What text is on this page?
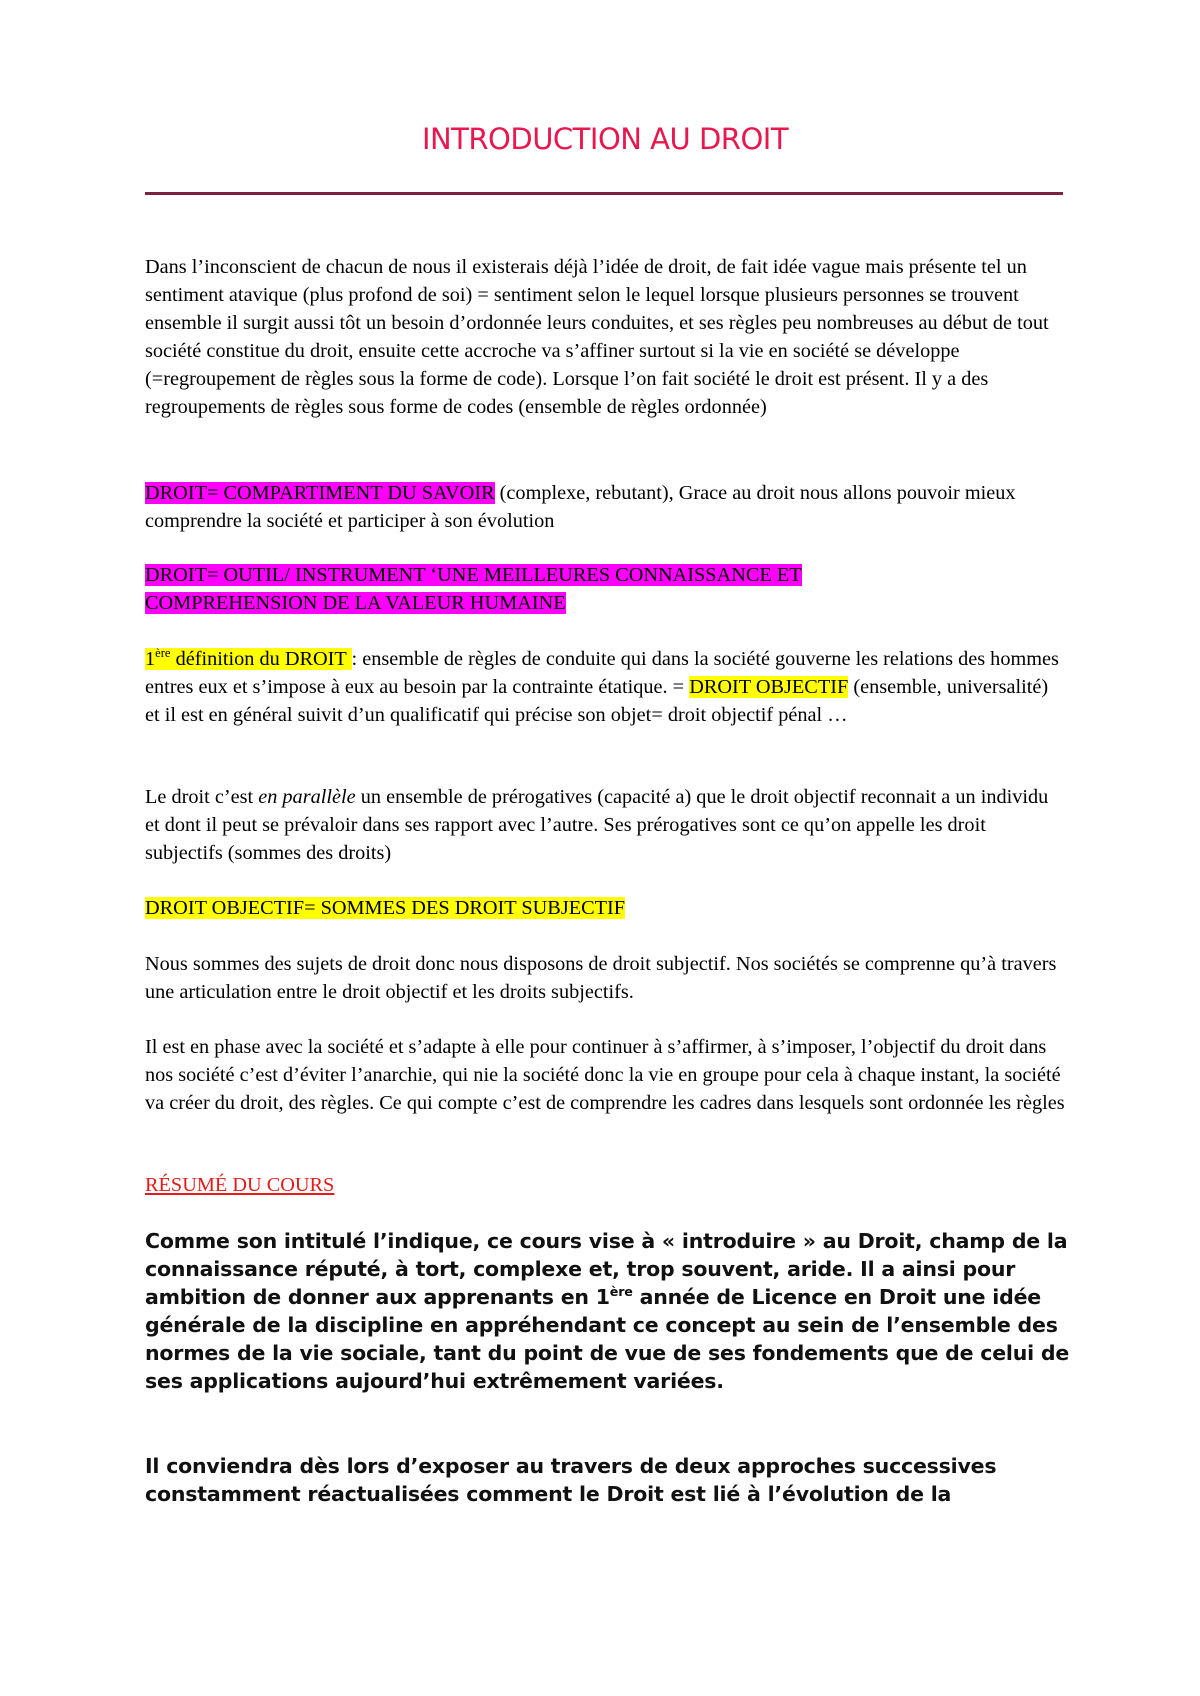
INTRODUCTION AU DROIT

Dans l’inconscient de chacun de nous il existerais déjà l’idée de droit, de fait idée vague mais présente tel un sentiment atavique (plus profond de soi) = sentiment selon le lequel lorsque plusieurs personnes se trouvent ensemble il surgit aussi tôt un besoin d’ordonnée leurs conduites, et ses règles peu nombreuses au début de tout société constitue du droit, ensuite cette accroche va s’affiner surtout si la vie en société se développe (=regroupement de règles sous la forme de code). Lorsque l’on fait société le droit est présent. Il y a des regroupements de règles sous forme de codes (ensemble de règles ordonnée)

DROIT= COMPARTIMENT DU SAVOIR (complexe, rebutant), Grace au droit nous allons pouvoir mieux comprendre la société et participer à son évolution

DROIT= OUTIL/ INSTRUMENT ‘UNE MEILLEURES CONNAISSANCE ET COMPREHENSION DE LA VALEUR HUMAINE

1ère définition du DROIT : ensemble de règles de conduite qui dans la société gouverne les relations des hommes entres eux et s’impose à eux au besoin par la contrainte étatique. = DROIT OBJECTIF (ensemble, universalité) et il est en général suivit d’un qualificatif qui précise son objet= droit objectif pénal …

Le droit c’est en parallèle un ensemble de prérogatives (capacité a) que le droit objectif reconnait a un individu et dont il peut se prévaloir dans ses rapport avec l’autre. Ses prérogatives sont ce qu’on appelle les droit subjectifs (sommes des droits)

DROIT OBJECTIF= SOMMES DES DROIT SUBJECTIF

Nous sommes des sujets de droit donc nous disposons de droit subjectif. Nos sociétés se comprenne qu’à travers une articulation entre le droit objectif et les droits subjectifs.

Il est en phase avec la société et s’adapte à elle pour continuer à s’affirmer, à s’imposer, l’objectif du droit dans nos société c’est d’éviter l’anarchie, qui nie la société donc la vie en groupe pour cela à chaque instant, la société va créer du droit, des règles. Ce qui compte c’est de comprendre les cadres dans lesquels sont ordonnée les règles

RÉSUMÉ DU COURS

Comme son intitulé l’indique, ce cours vise à « introduire » au Droit, champ de la connaissance réputé, à tort, complexe et, trop souvent, aride. Il a ainsi pour ambition de donner aux apprenants en 1ère année de Licence en Droit une idée générale de la discipline en appréhendant ce concept au sein de l’ensemble des normes de la vie sociale, tant du point de vue de ses fondements que de celui de ses applications aujourd’hui extrêmement variées.

Il conviendra dès lors d’exposer au travers de deux approches successives constamment réactualisées comment le Droit est lié à l’évolution de la
